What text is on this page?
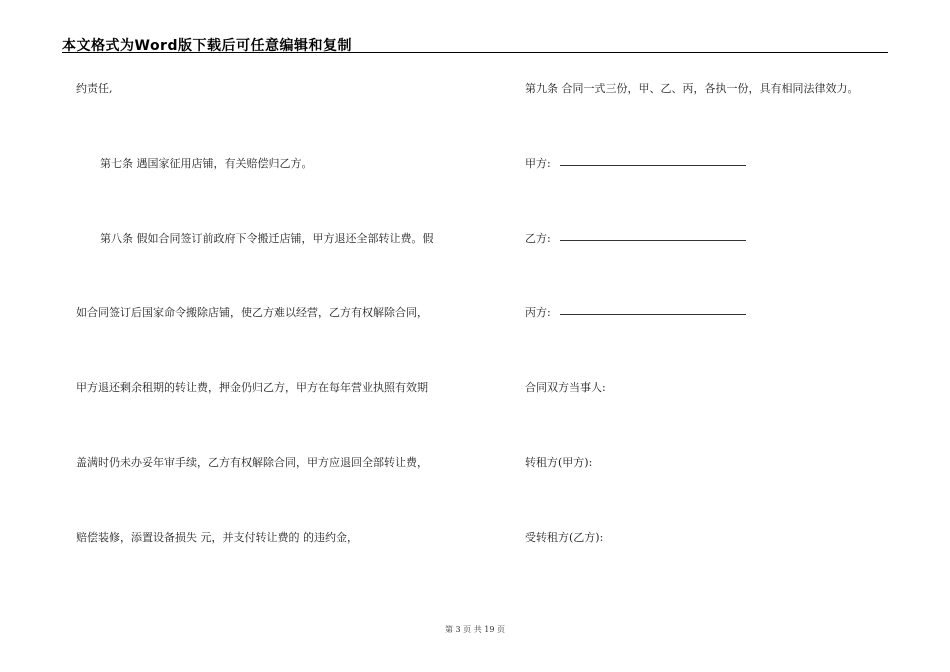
本文格式为Word版下载后可任意编辑和复制
约责任,
第七条 遇国家征用店铺，有关赔偿归乙方。
第八条 假如合同签订前政府下令搬迁店铺，甲方退还全部转让费。假
如合同签订后国家命令搬除店铺，使乙方难以经营，乙方有权解除合同，
甲方退还剩余租期的转让费，押金仍归乙方，甲方在每年营业执照有效期
盖满时仍未办妥年审手续，乙方有权解除合同，甲方应退回全部转让费，
赔偿装修，添置设备损失 元，并支付转让费的 的违约金，
第九条 合同一式三份，甲、乙、丙，各执一份，具有相同法律效力。
甲方:
乙方:
丙方:
合同双方当事人:
转租方(甲方):
受转租方(乙方):
第 3 页 共 19 页
